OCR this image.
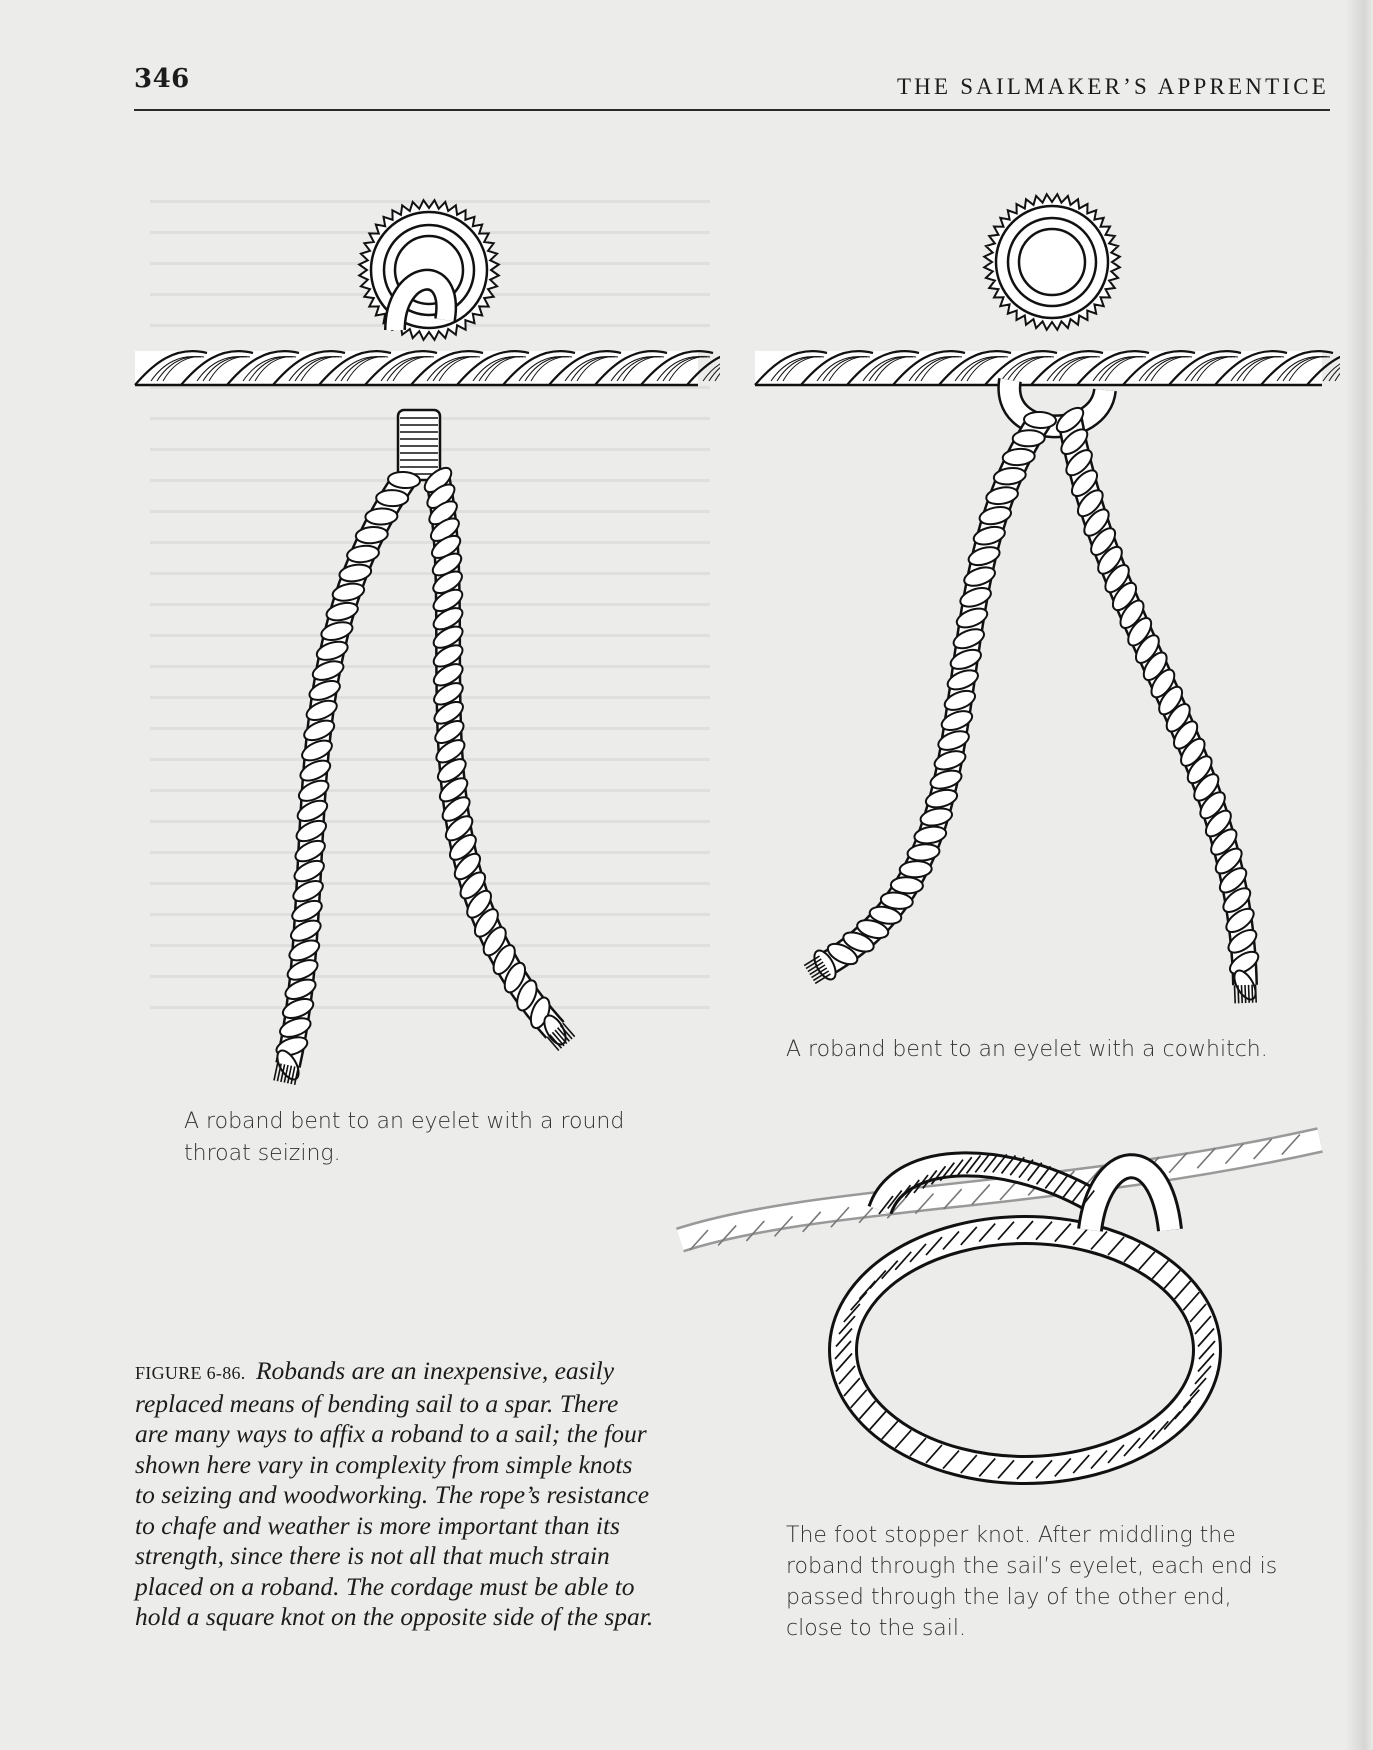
346	THE SAILMAKER’S APPRENTICE
A roband bent to an eyelet with a round
throat seizing.
A roband bent to an eyelet with a cowhitch.
The foot stopper knot. After middling the
roband through the sail’s eyelet, each end is
passed through the lay of the other end,
close to the sail.
FIGURE 6-86. Robands are an inexpensive, easily
replaced means of bending sail to a spar. There
are many ways to affix a roband to a sail; the four
shown here vary in complexity from simple knots
to seizing and woodworking. The rope’s resistance
to chafe and weather is more important than its
strength, since there is not all that much strain
placed on a roband. The cordage must be able to
hold a square knot on the opposite side of the spar.
